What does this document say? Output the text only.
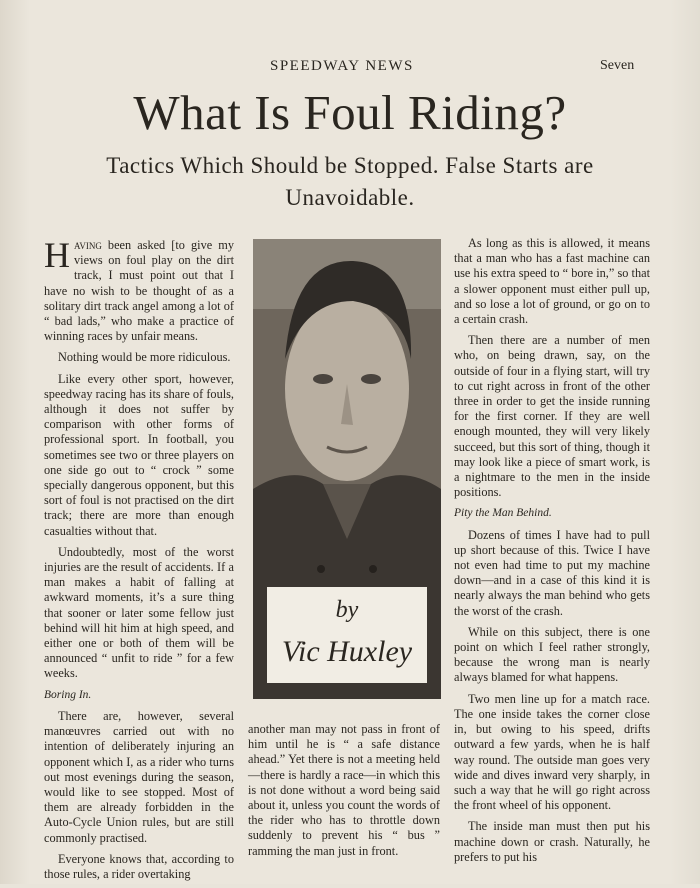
SPEEDWAY NEWS	Seven
What Is Foul Riding?
Tactics Which Should be Stopped. False Starts are Unavoidable.

Having been asked [to give my views on foul play on the dirt track, I must point out that I have no wish to be thought of as a solitary dirt track angel among a lot of “ bad lads,” who make a practice of winning races by unfair means.

Nothing would be more ridiculous.

Like every other sport, however, speedway racing has its share of fouls, although it does not suffer by comparison with other forms of professional sport. In football, you sometimes see two or three players on one side go out to “ crock ” some specially dangerous opponent, but this sort of foul is not practised on the dirt track; there are more than enough casualties without that.

Undoubtedly, most of the worst injuries are the result of accidents. If a man makes a habit of falling at awkward moments, it’s a sure thing that sooner or later some fellow just behind will hit him at high speed, and either one or both of them will be announced “ unfit to ride ” for a few weeks.

Boring In.

There are, however, several manœuvres carried out with no intention of deliberately injuring an opponent which I, as a rider who turns out most evenings during the season, would like to see stopped. Most of them are already forbidden in the Auto-Cycle Union rules, but are still commonly practised.

Everyone knows that, according to those rules, a rider overtaking

by
Vic Huxley

another man may not pass in front of him until he is “ a safe distance ahead.” Yet there is not a meeting held—there is hardly a race—in which this is not done without a word being said about it, unless you count the words of the rider who has to throttle down suddenly to prevent his “ bus ” ramming the man just in front.

As long as this is allowed, it means that a man who has a fast machine can use his extra speed to “ bore in,” so that a slower opponent must either pull up, and so lose a lot of ground, or go on to a certain crash.

Then there are a number of men who, on being drawn, say, on the outside of four in a flying start, will try to cut right across in front of the other three in order to get the inside running for the first corner. If they are well enough mounted, they will very likely succeed, but this sort of thing, though it may look like a piece of smart work, is a nightmare to the men in the inside positions.

Pity the Man Behind.

Dozens of times I have had to pull up short because of this. Twice I have not even had time to put my machine down—and in a case of this kind it is nearly always the man behind who gets the worst of the crash.

While on this subject, there is one point on which I feel rather strongly, because the wrong man is nearly always blamed for what happens.

Two men line up for a match race. The one inside takes the corner close in, but owing to his speed, drifts outward a few yards, when he is half way round. The outside man goes very wide and dives inward very sharply, in such a way that he will go right across the front wheel of his opponent.

The inside man must then put his machine down or crash. Naturally, he prefers to put his
